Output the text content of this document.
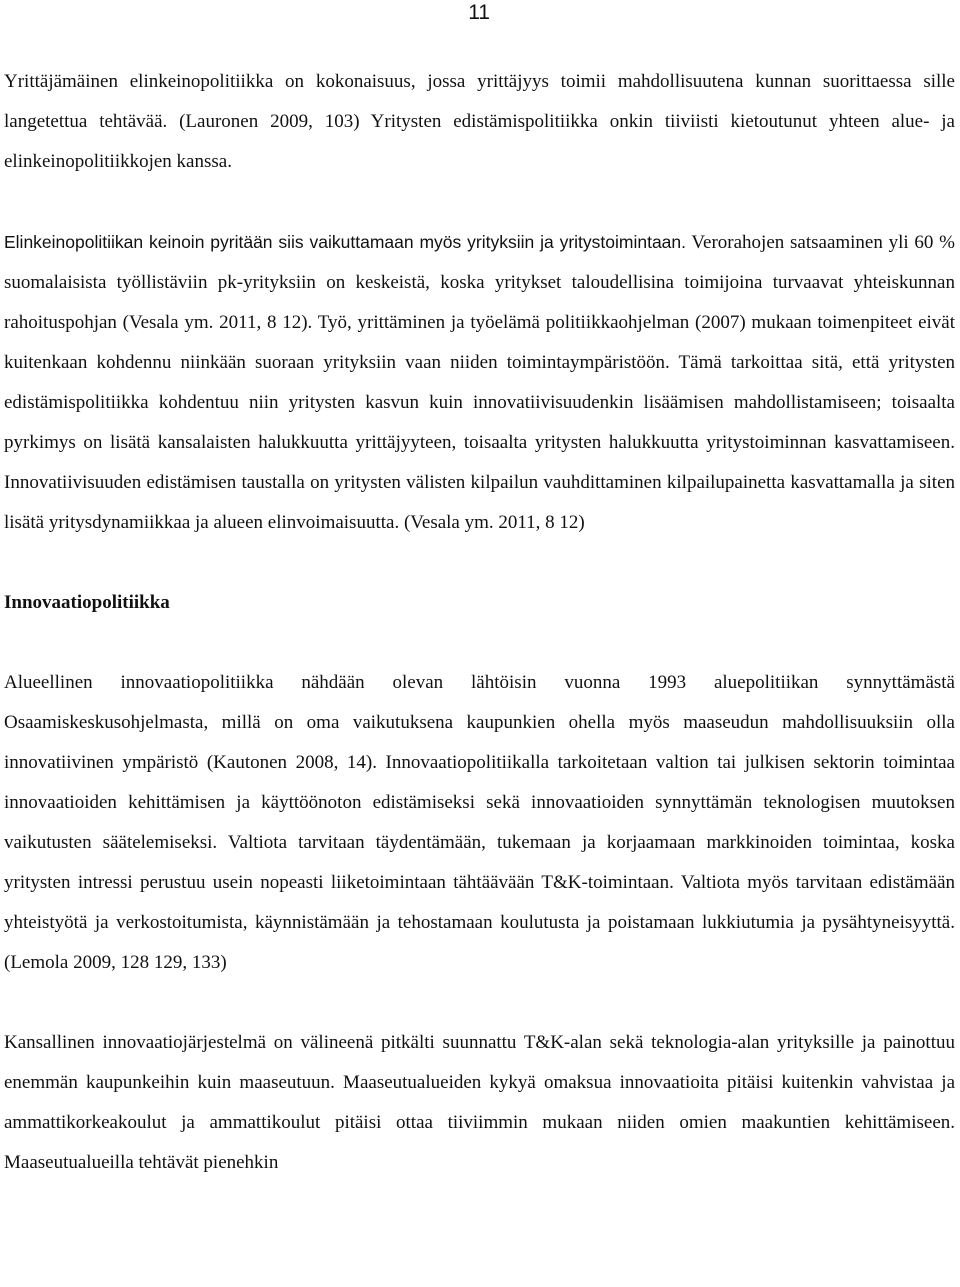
11

Yrittäjämäinen elinkeinopolitiikka on kokonaisuus, jossa yrittäjyys toimii mahdollisuutena kunnan suorittaessa sille langetettua tehtävää. (Lauronen 2009, 103) Yritysten edistämispolitiikka onkin tiiviisti kietoutunut yhteen alue- ja elinkeinopolitiikkojen kanssa.

Elinkeinopolitiikan keinoin pyritään siis vaikuttamaan myös yrityksiin ja yritystoimintaan. Verorahojen satsaaminen yli 60 % suomalaisista työllistäviin pk-yrityksiin on keskeistä, koska yritykset taloudellisina toimijoina turvaavat yhteiskunnan rahoituspohjan (Vesala ym. 2011, 8 12). Työ, yrittäminen ja työelämä politiikkaohjelman (2007) mukaan toimenpiteet eivät kuitenkaan kohdennu niinkään suoraan yrityksiin vaan niiden toimintaympäristöön. Tämä tarkoittaa sitä, että yritysten edistämispolitiikka kohdentuu niin yritysten kasvun kuin innovatiivisuudenkin lisäämisen mahdollistamiseen; toisaalta pyrkimys on lisätä kansalaisten halukkuutta yrittäjyyteen, toisaalta yritysten halukkuutta yritystoiminnan kasvattamiseen. Innovatiivisuuden edistämisen taustalla on yritysten välisten kilpailun vauhdittaminen kilpailupainetta kasvattamalla ja siten lisätä yritysdynamiikkaa ja alueen elinvoimaisuutta. (Vesala ym. 2011, 8 12)

Innovaatiopolitiikka

Alueellinen innovaatiopolitiikka nähdään olevan lähtöisin vuonna 1993 aluepolitiikan synnyttämästä Osaamiskeskusohjelmasta, millä on oma vaikutuksena kaupunkien ohella myös maaseudun mahdollisuuksiin olla innovatiivinen ympäristö (Kautonen 2008, 14). Innovaatiopolitiikalla tarkoitetaan valtion tai julkisen sektorin toimintaa innovaatioiden kehittämisen ja käyttöönoton edistämiseksi sekä innovaatioiden synnyttämän teknologisen muutoksen vaikutusten säätelemiseksi. Valtiota tarvitaan täydentämään, tukemaan ja korjaamaan markkinoiden toimintaa, koska yritysten intressi perustuu usein nopeasti liiketoimintaan tähtäävään T&K-toimintaan. Valtiota myös tarvitaan edistämään yhteistyötä ja verkostoitumista, käynnistämään ja tehostamaan koulutusta ja poistamaan lukkiutumia ja pysähtyneisyyttä. (Lemola 2009, 128 129, 133)

Kansallinen innovaatiojärjestelmä on välineenä pitkälti suunnattu T&K-alan sekä teknologia-alan yrityksille ja painottuu enemmän kaupunkeihin kuin maaseutuun. Maaseutualueiden kykyä omaksua innovaatioita pitäisi kuitenkin vahvistaa ja ammattikorkeakoulut ja ammattikoulut pitäisi ottaa tiiviimmin mukaan niiden omien maakuntien kehittämiseen. Maaseutualueilla tehtävät pienehkin
